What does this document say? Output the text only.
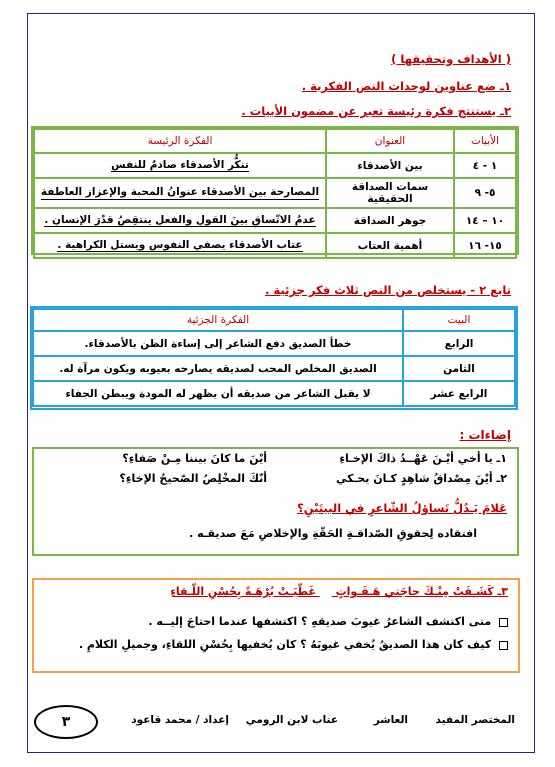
( الأهداف وتحقيقها )
١ـ ضع عناوين لوحدات النص الفكرية .
٢ـ يستنتج فكرة رئيسة تعبر عن مضمون الأبيات .
الأبيات	العنوان	الفكرة الرئيسة
١ - ٤	بين الأصدقاء	تنكُّر الأصدقاء صادمٌ للنفس
٥- ٩	سمات الصداقة الحقيقية	المصارحة بين الأصدقاء عنوانُ المحبة والإعزاز العاطفة
١٠ – ١٤	جوهر الصداقة	عدمُ الاتّساقِ بينَ القولِ والفعلِ ينتقِصُ قدْرَ الإنسانِ .
١٥- ١٦	أهمية العتاب	عتاب الأصدقاء يصفي النفوس ويستل الكراهية .
تابع ٢ - يستخلص من النص ثلاث فكر جزئية .
البيت	الفكرة الجزئية
الرابع	خطأ الصديق دفع الشاعر إلى إساءة الظن بالأصدقاء.
الثامن	الصديق المخلص المحب لصديقه يصارحه بعيوبه ويكون مرآة له.
الرابع عشر	لا يقبل الشاعر من صديقه أن يظهر له المودة ويبطن الجفاء
إضاءات :
١ـ يا أخي أيْـنَ عَهْــدُ ذاكَ الإخـاءِ
أيْنَ ما كانَ بيننا مِـنْ صَفاءِ؟
٢ـ أيْنَ مِصْداقُ شاهِدٍ كـانَ يحـكي
أنّكَ المخْلِصُ الصّحيحُ الإخاءِ؟
عَلامَ يَـدُلُّ تَساؤلُ الشّاعرِ في البيتَيْنِ؟
افتقاده لِحقوقِ الصّداقـةِ الحَقّةِ والإخلاصِ مَعَ صديقـه .
٣ـ كَشَـفَتْ مِنْـكَ حاجَتي هَـفَـواتٍ  غَطّيَـتْ بُرْهَـةً بِحُسْنِ اللّـقاءِ
متى اكتشف الشاعرُ غيوبَ صديقهِ ؟ اكتشفها عندما احتاجَ إليــه .
كيف كان هذا الصديقُ يُخفي غيوبَهُ ؟ كان يُخفيها بِحُسْنِ اللقاءِ، وجميلِ الكلامِ .
المختصر المفيد
العاشر
عتاب لابن الرومي
إعداد / محمد قاعود
٣
